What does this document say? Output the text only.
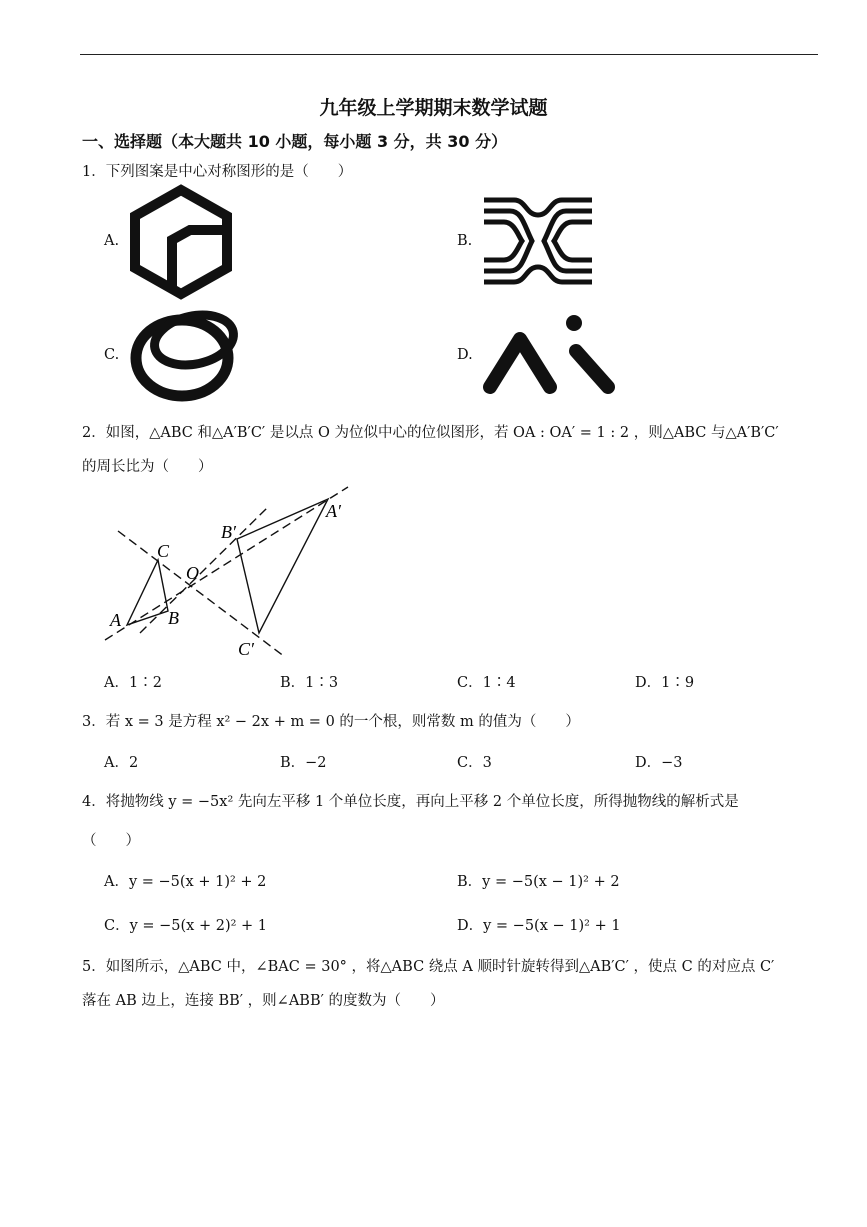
九年级上学期期末数学试题
一、选择题（本大题共 10 小题，每小题 3 分，共 30 分）
1．下列图案是中心对称图形的是（　　）
A.	B.
C.	D.
2．如图，△ABC 和△A′B′C′ 是以点 O 为位似中心的位似图形，若 OA : OA′ = 1 : 2 ，则△ABC 与△A′B′C′
的周长比为（　　）
C
O
A	B
B′
A′
C′
A．1∶2	B．1∶3	C．1∶4	D．1∶9
3．若 x = 3 是方程 x² − 2x + m = 0 的一个根，则常数 m 的值为（　　）
A．2	B．−2	C．3	D．−3
4．将抛物线 y = −5x² 先向左平移 1 个单位长度，再向上平移 2 个单位长度，所得抛物线的解析式是
（　　）
A．y = −5(x + 1)² + 2	B．y = −5(x − 1)² + 2
C．y = −5(x + 2)² + 1	D．y = −5(x − 1)² + 1
5．如图所示，△ABC 中，∠BAC = 30° ，将△ABC 绕点 A 顺时针旋转得到△AB′C′ ，使点 C 的对应点 C′
落在 AB 边上，连接 BB′ ，则∠ABB′ 的度数为（　　）
